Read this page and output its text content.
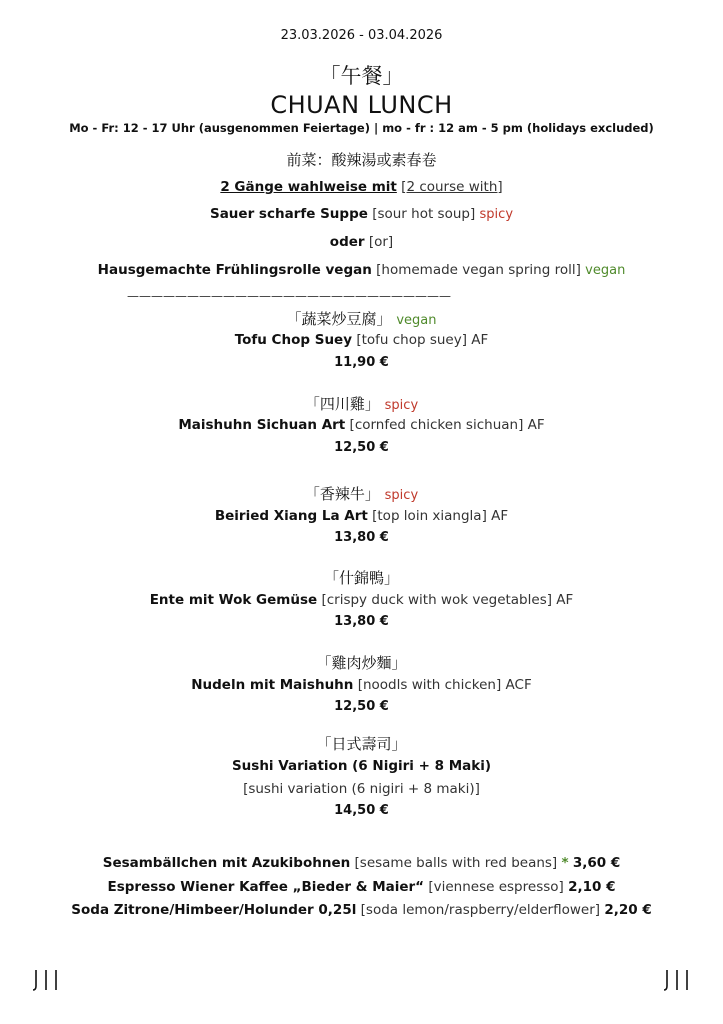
23.03.2026 - 03.04.2026
「午餐」
CHUAN LUNCH
Mo - Fr: 12 - 17 Uhr (ausgenommen Feiertage) | mo - fr : 12 am - 5 pm (holidays excluded)
前菜：酸辣湯或素春卷
2 Gänge wahlweise mit [2 course with]
Sauer scharfe Suppe [sour hot soup] spicy
oder [or]
Hausgemachte Frühlingsrolle vegan [homemade vegan spring roll] vegan
———————————————————————————
「蔬菜炒豆腐」 vegan
Tofu Chop Suey [tofu chop suey] AF
11,90 €
「四川雞」 spicy
Maishuhn Sichuan Art [cornfed chicken sichuan] AF
12,50 €
「香辣牛」 spicy
Beiried Xiang La Art [top loin xiangla] AF
13,80 €
「什錦鴨」
Ente mit Wok Gemüse [crispy duck with wok vegetables] AF
13,80 €
「雞肉炒麵」
Nudeln mit Maishuhn [noodls with chicken] ACF
12,50 €
「日式壽司」
Sushi Variation (6 Nigiri + 8 Maki)
[sushi variation (6 nigiri + 8 maki)]
14,50 €
Sesambällchen mit Azukibohnen [sesame balls with red beans] * 3,60 €
Espresso Wiener Kaffee „Bieder & Maier“ [viennese espresso] 2,10 €
Soda Zitrone/Himbeer/Holunder 0,25l [soda lemon/raspberry/elderflower] 2,20 €
